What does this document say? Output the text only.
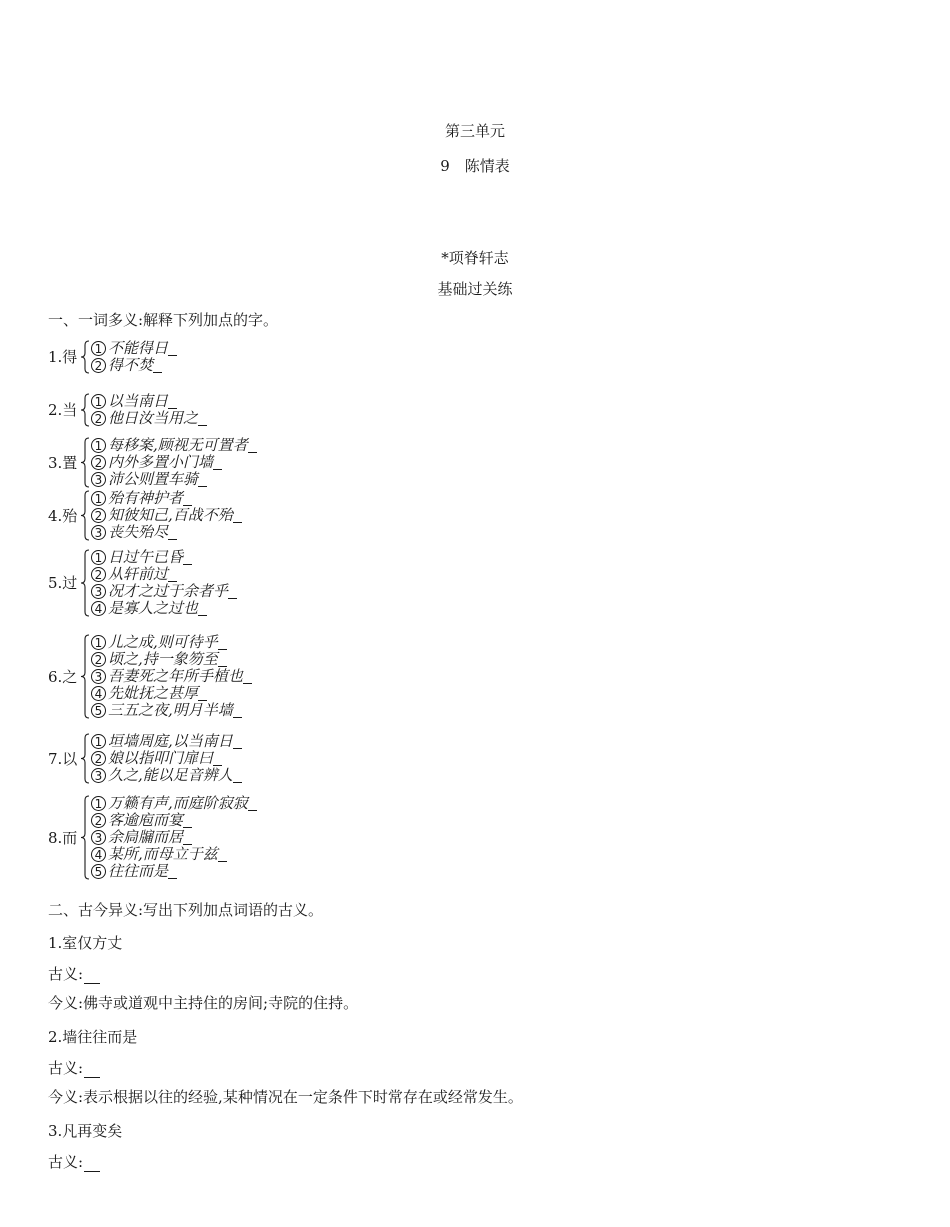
第三单元
9　陈情表
*项脊轩志
基础过关练
一、一词多义:解释下列加点的字。
1.得	1 不能得日
2 得不焚
2.当	1 以当南日
2 他日汝当用之
3.置
1 每移案,顾视无可置者
2 内外多置小门墙
3 沛公则置车骑
4.殆
1 殆有神护者
2 知彼知己,百战不殆
3 丧失殆尽
5.过
1 日过午已昏
2 从轩前过
3 况才之过于余者乎
4 是寡人之过也
6.之
1 儿之成,则可待乎
2 顷之,持一象笏至
3 吾妻死之年所手植也
4 先妣抚之甚厚
5 三五之夜,明月半墙
7.以
1 垣墙周庭,以当南日
2 娘以指叩门扉曰
3 久之,能以足音辨人
8.而
1 万籁有声,而庭阶寂寂
2 客逾庖而宴
3 余扃牖而居
4 某所,而母立于兹
5 往往而是
二、古今异义:写出下列加点词语的古义。
1.室仅方丈
古义:
今义:佛寺或道观中主持住的房间;寺院的住持。
2.墙往往而是
古义:
今义:表示根据以往的经验,某种情况在一定条件下时常存在或经常发生。
3.凡再变矣
古义:
